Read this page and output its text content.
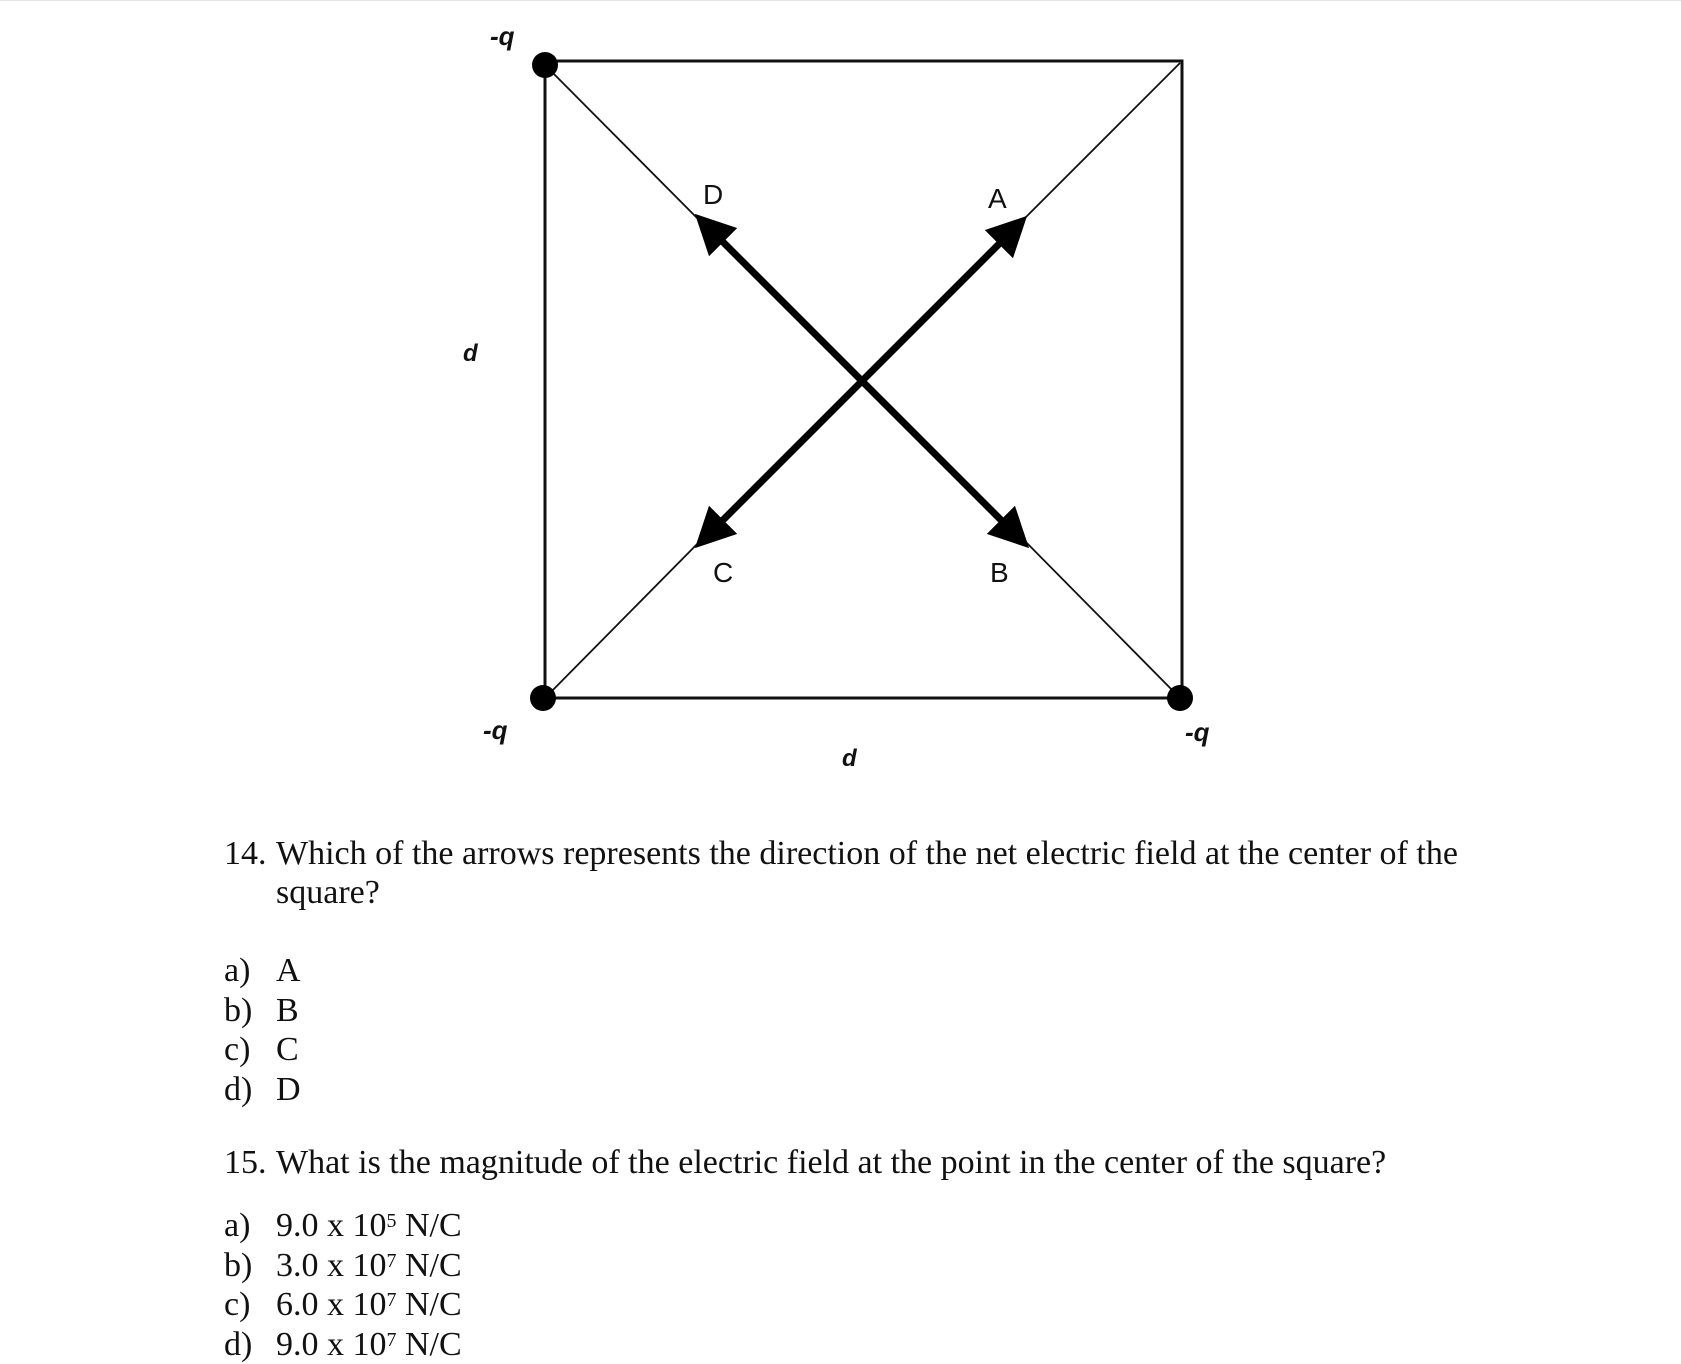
-q
-q	-q
d
d
A
B
C
D
14. Which of the arrows represents the direction of the net electric field at the center of the
square?
a) A
b) B
c) C
d) D
15. What is the magnitude of the electric field at the point in the center of the square?
a) 9.0 x $10^5$ N/C
b) 3.0 x $10^7$ N/C
c) 6.0 x $10^7$ N/C
d) 9.0 x $10^7$ N/C
